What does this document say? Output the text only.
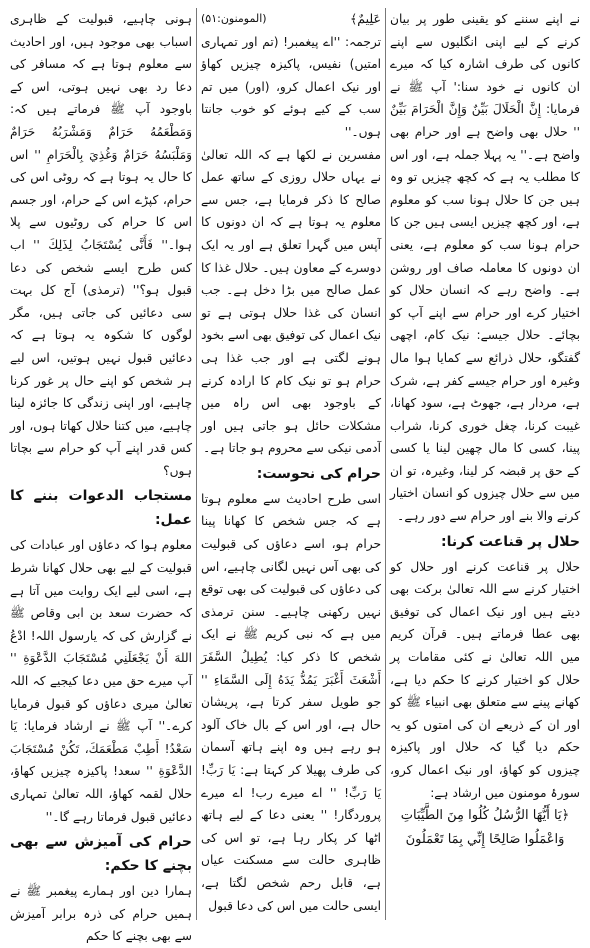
نے اپنے سننے کو یقینی طور پر بیان کرنے کے لیے اپنی انگلیوں سے اپنے کانوں کی طرف اشارہ کیا کہ میرے ان کانوں نے خود سنا:' آپ ﷺ نے فرمایا: إِنَّ الْحَلَالَ بَيِّنٌ وَإِنَّ الْحَرَامَ بَيِّنٌ '' حلال بھی واضح ہے اور حرام بھی واضح ہے۔'' یہ پہلا جملہ ہے، اور اس کا مطلب یہ ہے کہ کچھ چیزیں تو وہ ہیں جن کا حلال ہونا سب کو معلوم ہے، اور کچھ چیزیں ایسی ہیں جن کا حرام ہونا سب کو معلوم ہے، یعنی ان دونوں کا معاملہ صاف اور روشن ہے۔ واضح رہے کہ انسان حلال کو اختیار کرے اور حرام سے اپنے آپ کو بچائے۔ حلال جیسے: نیک کام، اچھی گفتگو، حلال ذرائع سے کمایا ہوا مال وغیرہ اور حرام جیسے کفر ہے، شرک ہے، مردار ہے، جھوٹ ہے، سود کھانا، غیبت کرنا، چغل خوری کرنا، شراب پینا، کسی کا مال چھین لینا یا کسی کے حق پر قبضہ کر لینا، وغیرہ، تو ان میں سے حلال چیزوں کو انسان اختیار کرنے والا بنے اور حرام سے دور رہے۔

حلال پر قناعت کرنا:

حلال پر قناعت کرنے اور حلال کو اختیار کرنے سے اللہ تعالیٰ برکت بھی دیتے ہیں اور نیک اعمال کی توفیق بھی عطا فرماتے ہیں۔ قرآن کریم میں اللہ تعالیٰ نے کئی مقامات پر حلال کو اختیار کرنے کا حکم دیا ہے، کھانے پینے سے متعلق بھی انبیاء ﷺ کو اور ان کے ذریعے ان کی امتوں کو یہ حکم دیا گیا کہ حلال اور پاکیزہ چیزوں کو کھاؤ، اور نیک اعمال کرو، سورۂ مومنون میں ارشاد ہے:

﴿يَا أَيُّهَا الرُّسُلُ كُلُوا مِنَ الطَّيِّبَاتِ
وَاعْمَلُوا صَالِحًا إِنِّي بِمَا تَعْمَلُونَ
عَلِيمٌ﴾
(المومنون:۵۱)

ترجمہ: ''اے پیغمبر! (تم اور تمہاری امتیں) نفیس، پاکیزہ چیزیں کھاؤ اور نیک اعمال کرو، (اور) میں تم سب کے کیے ہوئے کو خوب جانتا ہوں۔''

مفسرین نے لکھا ہے کہ اللہ تعالیٰ نے یہاں حلال روزی کے ساتھ عمل صالح کا ذکر فرمایا ہے، جس سے معلوم یہ ہوتا ہے کہ ان دونوں کا آپس میں گہرا تعلق ہے اور یہ ایک دوسرے کے معاون ہیں۔ حلال غذا کا عمل صالح میں بڑا دخل ہے۔ جب انسان کی غذا حلال ہوتی ہے تو نیک اعمال کی توفیق بھی اسے بخود ہونے لگتی ہے اور جب غذا ہی حرام ہو تو نیک کام کا ارادہ کرنے کے باوجود بھی اس راہ میں مشکلات حائل ہو جاتی ہیں اور آدمی نیکی سے محروم ہو جاتا ہے۔

حرام کی نحوست:

اسی طرح احادیث سے معلوم ہوتا ہے کہ جس شخص کا کھانا پینا حرام ہو، اسے دعاؤں کی قبولیت کی بھی آس نہیں لگانی چاہیے، اس کی دعاؤں کی قبولیت کی بھی توقع نہیں رکھنی چاہیے۔ سنن ترمذی میں ہے کہ نبی کریم ﷺ نے ایک شخص کا ذکر کیا: يُطِيلُ السَّفَرَ أَشْعَثَ أَغْبَرَ يَمُدُّ يَدَهُ إِلَى السَّمَاءِ '' جو طویل سفر کرتا ہے، پریشان حال ہے، اور اس کے بال خاک آلود ہو رہے ہیں وہ اپنے ہاتھ آسمان کی طرف پھیلا کر کہتا ہے: يَا رَبِّ! يَا رَبِّ! '' اے میرے رب! اے میرے پروردگار! '' یعنی دعا کے لیے ہاتھ اٹھا کر پکار رہا ہے، تو اس کی ظاہری حالت سے مسکنت عیاں ہے، قابل رحم شخص لگتا ہے، ایسی حالت میں اس کی دعا قبول

ہونی چاہیے، قبولیت کے ظاہری اسباب بھی موجود ہیں، اور احادیث سے معلوم ہوتا ہے کہ مسافر کی دعا رد بھی نہیں ہوتی، اس کے باوجود آپ ﷺ فرماتے ہیں کہ: وَمَطْعَمُهُ حَرَامٌ وَمَشْرَبُهُ حَرَامٌ وَمَلْبَسُهُ حَرَامٌ وَغُذِيَ بِالْحَرَامِ '' اس کا حال یہ ہوتا ہے کہ روٹی اس کی حرام، کپڑے اس کے حرام، اور جسم اس کا حرام کی روٹیوں سے پلا ہوا۔'' فَأَنَّى يُسْتَجَابُ لِذَلِكَ '' اب کس طرح ایسے شخص کی دعا قبول ہو؟'' (ترمذی) آج کل بہت سی دعائیں کی جاتی ہیں، مگر لوگوں کا شکوہ یہ ہوتا ہے کہ دعائیں قبول نہیں ہوتیں، اس لیے ہر شخص کو اپنے حال پر غور کرنا چاہیے، اور اپنی زندگی کا جائزہ لینا چاہیے، میں کتنا حلال کھاتا ہوں، اور کس قدر اپنے آپ کو حرام سے بچاتا ہوں؟

مستجاب الدعوات بننے کا عمل:

معلوم ہوا کہ دعاؤں اور عبادات کی قبولیت کے لیے بھی حلال کھانا شرط ہے، اسی لیے ایک روایت میں آتا ہے کہ حضرت سعد بن ابی وقاص ﷺ نے گزارش کی کہ یارسول اللہ! ادْعُ اللهَ أَنْ يَجْعَلَنِي مُسْتَجَابَ الدَّعْوَةِ '' آپ میرے حق میں دعا کیجیے کہ اللہ تعالیٰ میری دعاؤں کو قبول فرمایا کرے۔'' آپ ﷺ نے ارشاد فرمایا: يَا سَعْدُ! أَطِبْ مَطْعَمَكَ، تَكُنْ مُسْتَجَابَ الدَّعْوَةِ '' سعد! پاکیزہ چیزیں کھاؤ، حلال لقمہ کھاؤ، اللہ تعالیٰ تمہاری دعائیں قبول فرماتا رہے گا۔''

حرام کی آمیزش سے بھی بچنے کا حکم:

ہمارا دین اور ہمارے پیغمبر ﷺ نے ہمیں حرام کی ذرہ برابر آمیزش سے بھی بچنے کا حکم
